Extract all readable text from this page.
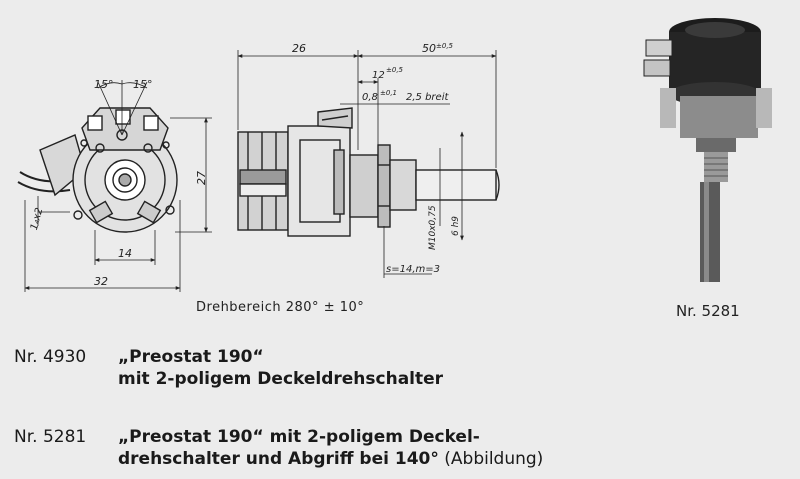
15° 15°
27
1₄x2
14
32
26	50 ±0,5
12 ±0,5
0,8 ±0,1 2,5 breit
M10x0,75 6 h9
s=14,m=3
Drehbereich 280° ± 10°	Nr. 5281
Nr. 4930 „Preostat 190“
mit 2-poligem Deckeldrehschalter
Nr. 5281 „Preostat 190“ mit 2-poligem Deckel-
drehschalter und Abgriff bei 140° (Abbildung)
